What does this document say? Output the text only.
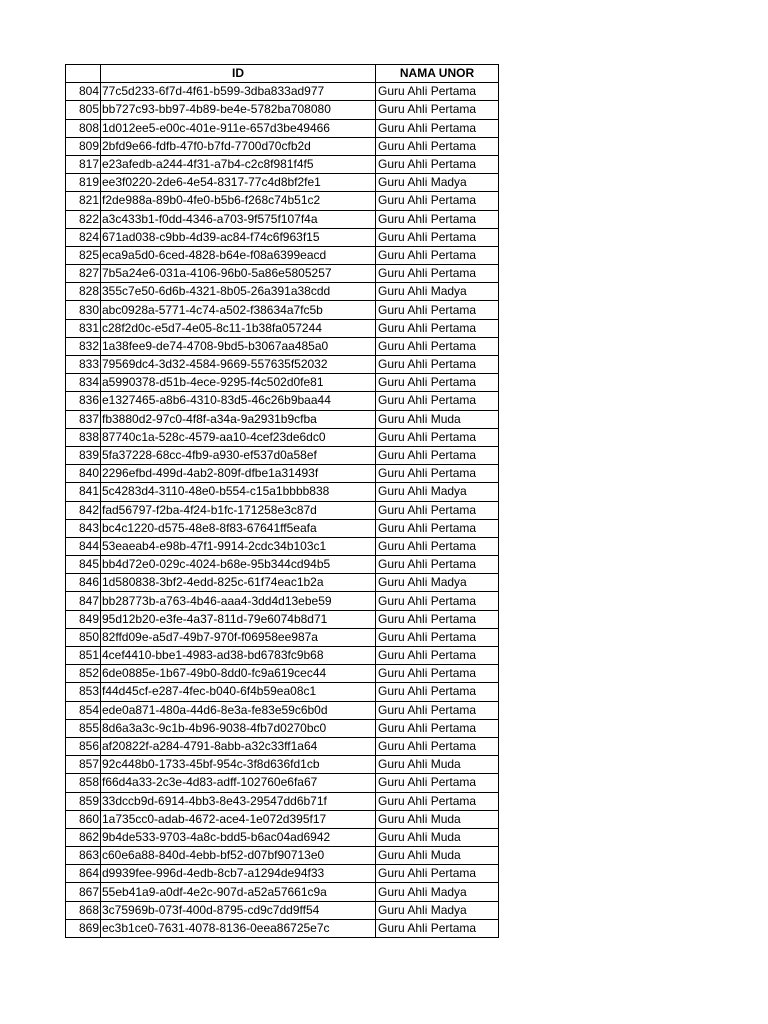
	ID	NAMA UNOR
804	77c5d233-6f7d-4f61-b599-3dba833ad977	Guru Ahli Pertama
805	bb727c93-bb97-4b89-be4e-5782ba708080	Guru Ahli Pertama
808	1d012ee5-e00c-401e-911e-657d3be49466	Guru Ahli Pertama
809	2bfd9e66-fdfb-47f0-b7fd-7700d70cfb2d	Guru Ahli Pertama
817	e23afedb-a244-4f31-a7b4-c2c8f981f4f5	Guru Ahli Pertama
819	ee3f0220-2de6-4e54-8317-77c4d8bf2fe1	Guru Ahli Madya
821	f2de988a-89b0-4fe0-b5b6-f268c74b51c2	Guru Ahli Pertama
822	a3c433b1-f0dd-4346-a703-9f575f107f4a	Guru Ahli Pertama
824	671ad038-c9bb-4d39-ac84-f74c6f963f15	Guru Ahli Pertama
825	eca9a5d0-6ced-4828-b64e-f08a6399eacd	Guru Ahli Pertama
827	7b5a24e6-031a-4106-96b0-5a86e5805257	Guru Ahli Pertama
828	355c7e50-6d6b-4321-8b05-26a391a38cdd	Guru Ahli Madya
830	abc0928a-5771-4c74-a502-f38634a7fc5b	Guru Ahli Pertama
831	c28f2d0c-e5d7-4e05-8c11-1b38fa057244	Guru Ahli Pertama
832	1a38fee9-de74-4708-9bd5-b3067aa485a0	Guru Ahli Pertama
833	79569dc4-3d32-4584-9669-557635f52032	Guru Ahli Pertama
834	a5990378-d51b-4ece-9295-f4c502d0fe81	Guru Ahli Pertama
836	e1327465-a8b6-4310-83d5-46c26b9baa44	Guru Ahli Pertama
837	fb3880d2-97c0-4f8f-a34a-9a2931b9cfba	Guru Ahli Muda
838	87740c1a-528c-4579-aa10-4cef23de6dc0	Guru Ahli Pertama
839	5fa37228-68cc-4fb9-a930-ef537d0a58ef	Guru Ahli Pertama
840	2296efbd-499d-4ab2-809f-dfbe1a31493f	Guru Ahli Pertama
841	5c4283d4-3110-48e0-b554-c15a1bbbb838	Guru Ahli Madya
842	fad56797-f2ba-4f24-b1fc-171258e3c87d	Guru Ahli Pertama
843	bc4c1220-d575-48e8-8f83-67641ff5eafa	Guru Ahli Pertama
844	53eaeab4-e98b-47f1-9914-2cdc34b103c1	Guru Ahli Pertama
845	bb4d72e0-029c-4024-b68e-95b344cd94b5	Guru Ahli Pertama
846	1d580838-3bf2-4edd-825c-61f74eac1b2a	Guru Ahli Madya
847	bb28773b-a763-4b46-aaa4-3dd4d13ebe59	Guru Ahli Pertama
849	95d12b20-e3fe-4a37-811d-79e6074b8d71	Guru Ahli Pertama
850	82ffd09e-a5d7-49b7-970f-f06958ee987a	Guru Ahli Pertama
851	4cef4410-bbe1-4983-ad38-bd6783fc9b68	Guru Ahli Pertama
852	6de0885e-1b67-49b0-8dd0-fc9a619cec44	Guru Ahli Pertama
853	f44d45cf-e287-4fec-b040-6f4b59ea08c1	Guru Ahli Pertama
854	ede0a871-480a-44d6-8e3a-fe83e59c6b0d	Guru Ahli Pertama
855	8d6a3a3c-9c1b-4b96-9038-4fb7d0270bc0	Guru Ahli Pertama
856	af20822f-a284-4791-8abb-a32c33ff1a64	Guru Ahli Pertama
857	92c448b0-1733-45bf-954c-3f8d636fd1cb	Guru Ahli Muda
858	f66d4a33-2c3e-4d83-adff-102760e6fa67	Guru Ahli Pertama
859	33dccb9d-6914-4bb3-8e43-29547dd6b71f	Guru Ahli Pertama
860	1a735cc0-adab-4672-ace4-1e072d395f17	Guru Ahli Muda
862	9b4de533-9703-4a8c-bdd5-b6ac04ad6942	Guru Ahli Muda
863	c60e6a88-840d-4ebb-bf52-d07bf90713e0	Guru Ahli Muda
864	d9939fee-996d-4edb-8cb7-a1294de94f33	Guru Ahli Pertama
867	55eb41a9-a0df-4e2c-907d-a52a57661c9a	Guru Ahli Madya
868	3c75969b-073f-400d-8795-cd9c7dd9ff54	Guru Ahli Madya
869	ec3b1ce0-7631-4078-8136-0eea86725e7c	Guru Ahli Pertama
